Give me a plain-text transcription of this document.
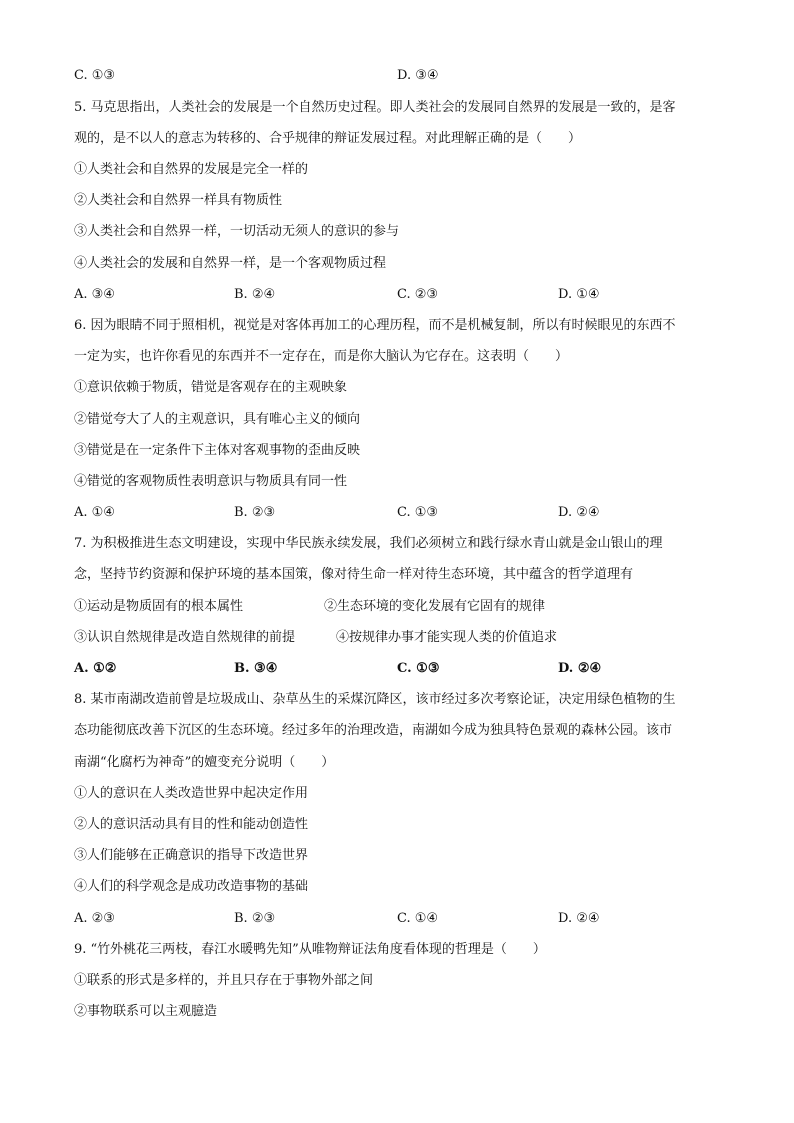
C. ①③	D. ③④
5. 马克思指出，人类社会的发展是一个自然历史过程。即人类社会的发展同自然界的发展是一致的，是客
观的，是不以人的意志为转移的、合乎规律的辩证发展过程。对此理解正确的是（　　）
①人类社会和自然界的发展是完全一样的
②人类社会和自然界一样具有物质性
③人类社会和自然界一样，一切活动无须人的意识的参与
④人类社会的发展和自然界一样，是一个客观物质过程
A. ③④	B. ②④	C. ②③	D. ①④
6. 因为眼睛不同于照相机，视觉是对客体再加工的心理历程，而不是机械复制，所以有时候眼见的东西不
一定为实，也许你看见的东西并不一定存在，而是你大脑认为它存在。这表明（　　）
①意识依赖于物质，错觉是客观存在的主观映象
②错觉夸大了人的主观意识，具有唯心主义的倾向
③错觉是在一定条件下主体对客观事物的歪曲反映
④错觉的客观物质性表明意识与物质具有同一性
A. ①④	B. ②③	C. ①③	D. ②④
7. 为积极推进生态文明建设，实现中华民族永续发展，我们必须树立和践行绿水青山就是金山银山的理
念，坚持节约资源和保护环境的基本国策，像对待生命一样对待生态环境，其中蕴含的哲学道理有
①运动是物质固有的根本属性	②生态环境的变化发展有它固有的规律
③认识自然规律是改造自然规律的前提	④按规律办事才能实现人类的价值追求
A. ①②	B. ③④	C. ①③	D. ②④
8. 某市南湖改造前曾是垃圾成山、杂草丛生的采煤沉降区，该市经过多次考察论证，决定用绿色植物的生
态功能彻底改善下沉区的生态环境。经过多年的治理改造，南湖如今成为独具特色景观的森林公园。该市
南湖“化腐朽为神奇”的嬗变充分说明（　　）
①人的意识在人类改造世界中起决定作用
②人的意识活动具有目的性和能动创造性
③人们能够在正确意识的指导下改造世界
④人们的科学观念是成功改造事物的基础
A. ②③	B. ②③	C. ①④	D. ②④
9. “竹外桃花三两枝，春江水暖鸭先知”从唯物辩证法角度看体现的哲理是（　　）
①联系的形式是多样的，并且只存在于事物外部之间
②事物联系可以主观臆造
